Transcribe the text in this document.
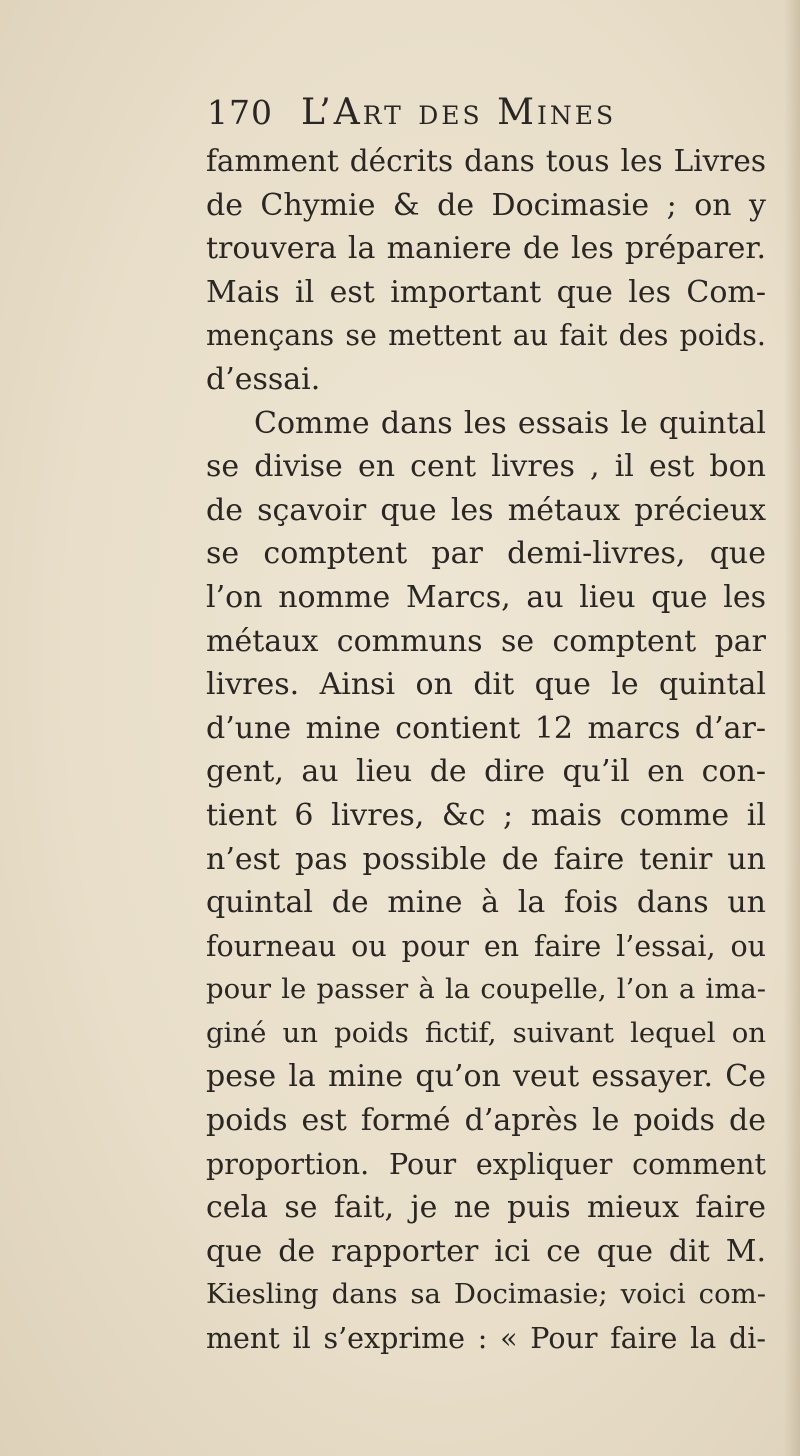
170 L’Art des Mines
famment décrits dans tous les Livres
de Chymie & de Docimasie ; on y
trouvera la maniere de les préparer.
Mais il est important que les Com-
mençans se mettent au fait des poids.
d’essai.
Comme dans les essais le quintal
se divise en cent livres , il est bon
de sçavoir que les métaux précieux
se comptent par demi-livres, que
l’on nomme Marcs, au lieu que les
métaux communs se comptent par
livres. Ainsi on dit que le quintal
d’une mine contient 12 marcs d’ar-
gent, au lieu de dire qu’il en con-
tient 6 livres, &c ; mais comme il
n’est pas possible de faire tenir un
quintal de mine à la fois dans un
fourneau ou pour en faire l’essai, ou
pour le passer à la coupelle, l’on a ima-
giné un poids fictif, suivant lequel on
pese la mine qu’on veut essayer. Ce
poids est formé d’après le poids de
proportion. Pour expliquer comment
cela se fait, je ne puis mieux faire
que de rapporter ici ce que dit M.
Kiesling dans sa Docimasie; voici com-
ment il s’exprime : « Pour faire la di-
